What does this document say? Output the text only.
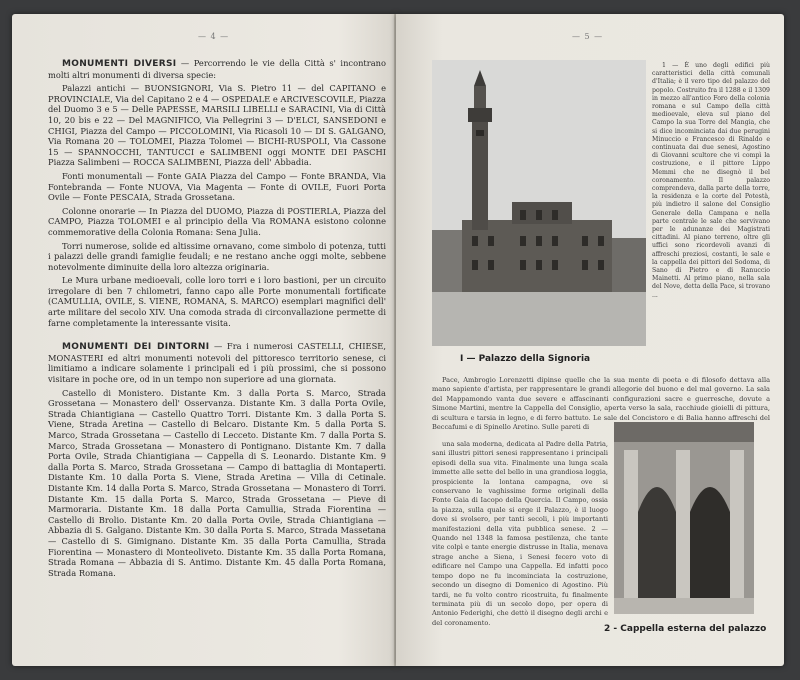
— 4 —

MONUMENTI DIVERSI — Percorrendo le vie della Città s' incontrano molti altri monumenti di diversa specie:

Palazzi antichi — BUONSIGNORI, Via S. Pietro 11 — del CAPITANO e PROVINCIALE, Via del Capitano 2 e 4 — OSPEDALE e ARCIVESCOVILE, Piazza del Duomo 3 e 5 — Delle PAPESSE, MARSILI LIBELLI e SARACINI, Via di Città 10, 20 bis e 22 — Del MAGNIFICO, Via Pellegrini 3 — D'ELCI, SANSEDONI e CHIGI, Piazza del Campo — PICCOLOMINI, Via Ricasoli 10 — DI S. GALGANO, Via Romana 20 — TOLOMEI, Piazza Tolomei — BICHI-RUSPOLI, Via Cassone 15 — SPANNOCCHI, TANTUCCI e SALIMBENI oggi MONTE DEI PASCHI Piazza Salimbeni — ROCCA SALIMBENI, Piazza dell' Abbadia.

Fonti monumentali — Fonte GAIA Piazza del Campo — Fonte BRANDA, Via Fontebranda — Fonte NUOVA, Via Magenta — Fonte di OVILE, Fuori Porta Ovile — Fonte PESCAIA, Strada Grossetana.

Colonne onorarie — In Piazza del DUOMO, Piazza di POSTIERLA, Piazza del CAMPO, Piazza TOLOMEI e al principio della Via ROMANA esistono colonne commemorative della Colonia Romana: Sena Julia.

Torri numerose, solide ed altissime ornavano, come simbolo di potenza, tutti i palazzi delle grandi famiglie feudali; e ne restano anche oggi molte, sebbene notevolmente diminuite della loro altezza originaria.

Le Mura urbane medioevali, colle loro torri e i loro bastioni, per un circuito irregolare di ben 7 chilometri, fanno capo alle Porte monumentali fortificate (CAMULLIA, OVILE, S. VIENE, ROMANA, S. MARCO) esemplari magnifici dell' arte militare del secolo XIV. Una comoda strada di circonvallazione permette di farne completamente la interessante visita.

MONUMENTI DEI DINTORNI — Fra i numerosi CASTELLI, CHIESE, MONASTERI ed altri monumenti notevoli del pittoresco territorio senese, ci limitiamo a indicare solamente i principali ed i più prossimi, che si possono visitare in poche ore, od in un tempo non superiore ad una giornata.

Castello di Monistero. Distante Km. 3 dalla Porta S. Marco, Strada Grossetana — Monastero dell' Osservanza. Distante Km. 3 dalla Porta Ovile, Strada Chiantigiana — Castello Quattro Torri. Distante Km. 3 dalla Porta S. Viene, Strada Aretina — Castello di Belcaro. Distante Km. 5 dalla Porta S. Marco, Strada Grossetana — Castello di Lecceto. Distante Km. 7 dalla Porta S. Marco, Strada Grossetana — Monastero di Pontignano. Distante Km. 7 dalla Porta Ovile, Strada Chiantigiana — Cappella di S. Leonardo. Distante Km. 9 dalla Porta S. Marco, Strada Grossetana — Campo di battaglia di Montaperti. Distante Km. 10 dalla Porta S. Viene, Strada Aretina — Villa di Cetinale. Distante Km. 14 dalla Porta S. Marco, Strada Grossetana — Monastero di Torri. Distante Km. 15 dalla Porta S. Marco, Strada Grossetana — Pieve di Marmoraria. Distante Km. 18 dalla Porta Camullia, Strada Fiorentina — Castello di Brolio. Distante Km. 20 dalla Porta Ovile, Strada Chiantigiana — Abbazia di S. Galgano. Distante Km. 30 dalla Porta S. Marco, Strada Massetana — Castello di S. Gimignano. Distante Km. 35 dalla Porta Camullia, Strada Fiorentina — Monastero di Monteoliveto. Distante Km. 35 dalla Porta Romana, Strada Romana — Abbazia di S. Antimo. Distante Km. 45 dalla Porta Romana, Strada Romana.

— 5 —
I — Palazzo della Signoria

1 — È uno degli edifici più caratteristici della città comunali d'Italia; è il vero tipo del palazzo del popolo. Costruito fra il 1288 e il 1309 in mezzo all'antico Foro della colonia romana e sul Campo della città medioevale, eleva sul piano del Campo la sua Torre del Mangia, che si dice incominciata dai due perugini Minuccio e Francesco di Rinaldo e continuata dai due senesi, Agostino di Giovanni scultore che vi compì la costruzione, e il pittore Lippo Memmi che ne disegnò il bel coronamento. Il palazzo comprendeva, dalla parte della torre, la residenza e la corte del Potestà, più indietro il salone del Consiglio Generale della Campana e nella parte centrale le sale che servivano per le adunanze dei Magistrati cittadini. Al piano terreno, oltre gli uffici sono ricordevoli avanzi di affreschi preziosi, costanti, le sale e la cappella dei pittori del Sodoma, di Sano di Pietro e di Ranuccio Mainetti. Al primo piano, nella sala del Nove, detta della Pace, si trovano ...

Pace, Ambrogio Lorenzetti dipinse quelle che la sua mente di poeta e di filosofo dettava alla mano sapiente d'artista, per rappresentare le grandi allegorie del buono e del mal governo. La sala del Mappamondo vanta due severe e affascinanti configurazioni sacre e guerresche, dovute a Simone Martini, mentre la Cappella del Consiglio, aperta verso la sala, racchiude gioielli di pittura, di scultura e tarsia in legno, e di ferro battuto. Le sale del Concistoro e di Balia hanno affreschi del Beccafumi e di Spinello Aretino. Sulle pareti di

una sala moderna, dedicata al Padre della Patria, sani illustri pittori senesi rappresentano i principali episodi della sua vita. Finalmente una lunga scala immette alle sette del bello in una grandiosa loggia, prospiciente la lontana campagna, ove si conservano le vaghissime forme originali della Fonte Gaia di Iacopo della Quercia. Il Campo, ossia la piazza, sulla quale si erge il Palazzo, è il luogo dove si svolsero, per tanti secoli, i più importanti manifestazioni della vita pubblica senese. 2 — Quando nel 1348 la famosa pestilenza, che tante vite colpì e tante energie distrusse in Italia, menava strage anche a Siena, i Senesi fecero voto di edificare nel Campo una Cappella. Ed infatti poco tempo dopo ne fu incominciata la costruzione, secondo un disegno di Domenico di Agostino. Più tardi, ne fu volto contro ricostruita, fu finalmente terminata più di un secolo dopo, per opera di Antonio Federighi, che dettò il disegno degli archi e del coronamento.

2 - Cappella esterna del palazzo
